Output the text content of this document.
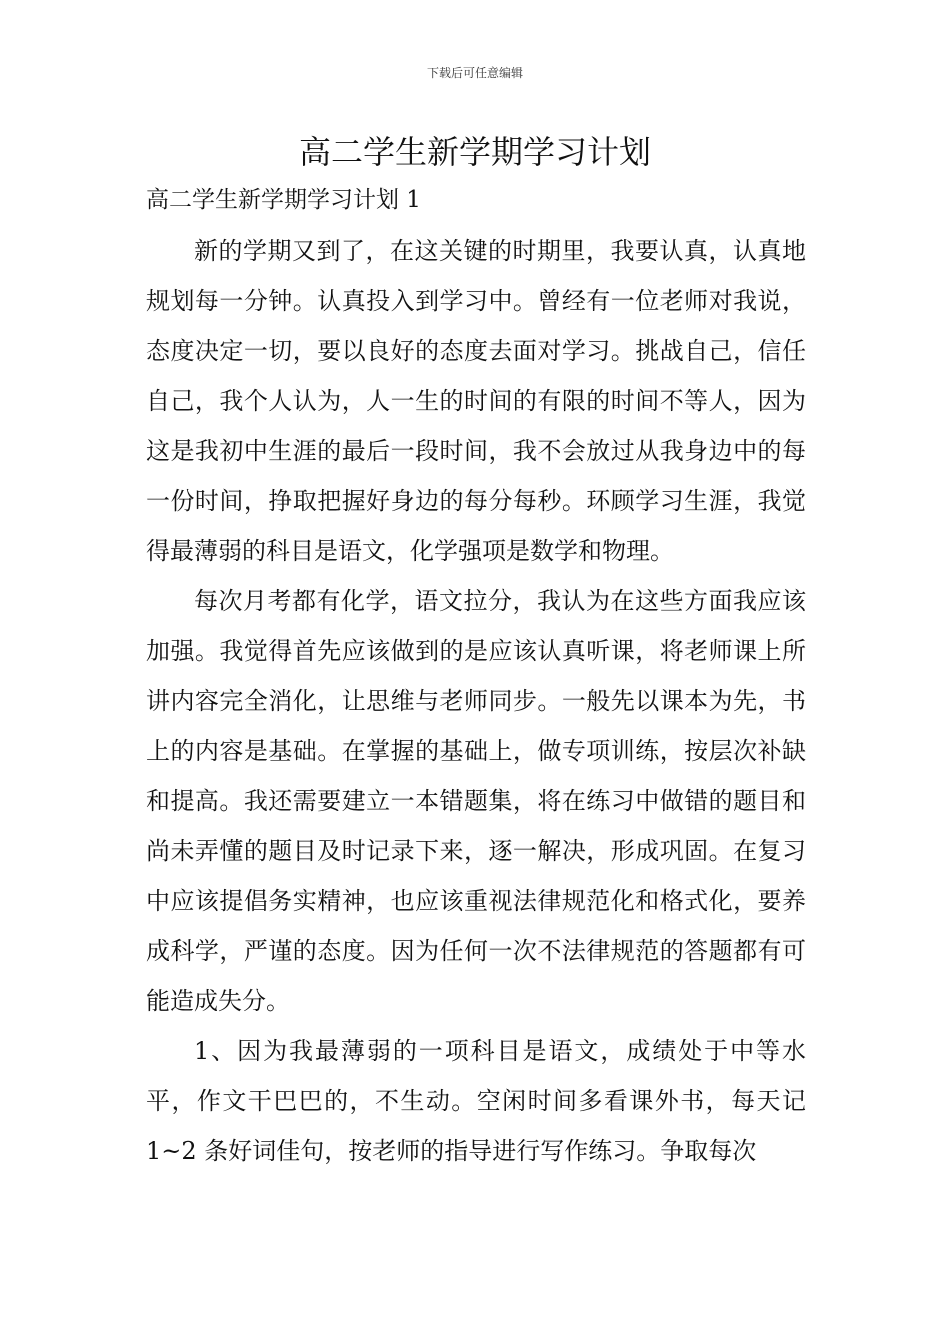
下载后可任意编辑
高二学生新学期学习计划

高二学生新学期学习计划 1

新的学期又到了，在这关键的时期里，我要认真，认真地规划每一分钟。认真投入到学习中。曾经有一位老师对我说，态度决定一切，要以良好的态度去面对学习。挑战自己，信任自己，我个人认为，人一生的时间的有限的时间不等人，因为这是我初中生涯的最后一段时间，我不会放过从我身边中的每一份时间，挣取把握好身边的每分每秒。环顾学习生涯，我觉得最薄弱的科目是语文，化学强项是数学和物理。

每次月考都有化学，语文拉分，我认为在这些方面我应该加强。我觉得首先应该做到的是应该认真听课，将老师课上所讲内容完全消化，让思维与老师同步。一般先以课本为先，书上的内容是基础。在掌握的基础上，做专项训练，按层次补缺和提高。我还需要建立一本错题集，将在练习中做错的题目和尚未弄懂的题目及时记录下来，逐一解决，形成巩固。在复习中应该提倡务实精神，也应该重视法律规范化和格式化，要养成科学，严谨的态度。因为任何一次不法律规范的答题都有可能造成失分。

1、因为我最薄弱的一项科目是语文，成绩处于中等水平，作文干巴巴的，不生动。空闲时间多看课外书，每天记 1~2 条好词佳句，按老师的指导进行写作练习。争取每次
